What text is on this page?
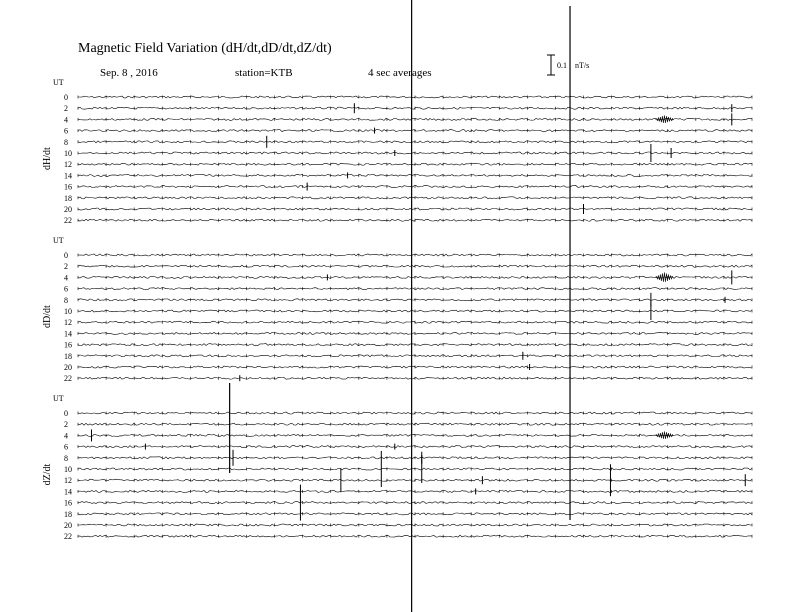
Magnetic Field Variation (dH/dt,dD/dt,dZ/dt)
Sep. 8 , 2016	station=KTB	4 sec averages
0.1 nT/s
UT
dH/dt
0
2
4
6
8
10
12
14
16
18
20
22
UT
dD/dt
0
2
4
6
8
10
12
14
16
18
20
22
UT
dZ/dt
0
2
4
6
8
10
12
14
16
18
20
22
